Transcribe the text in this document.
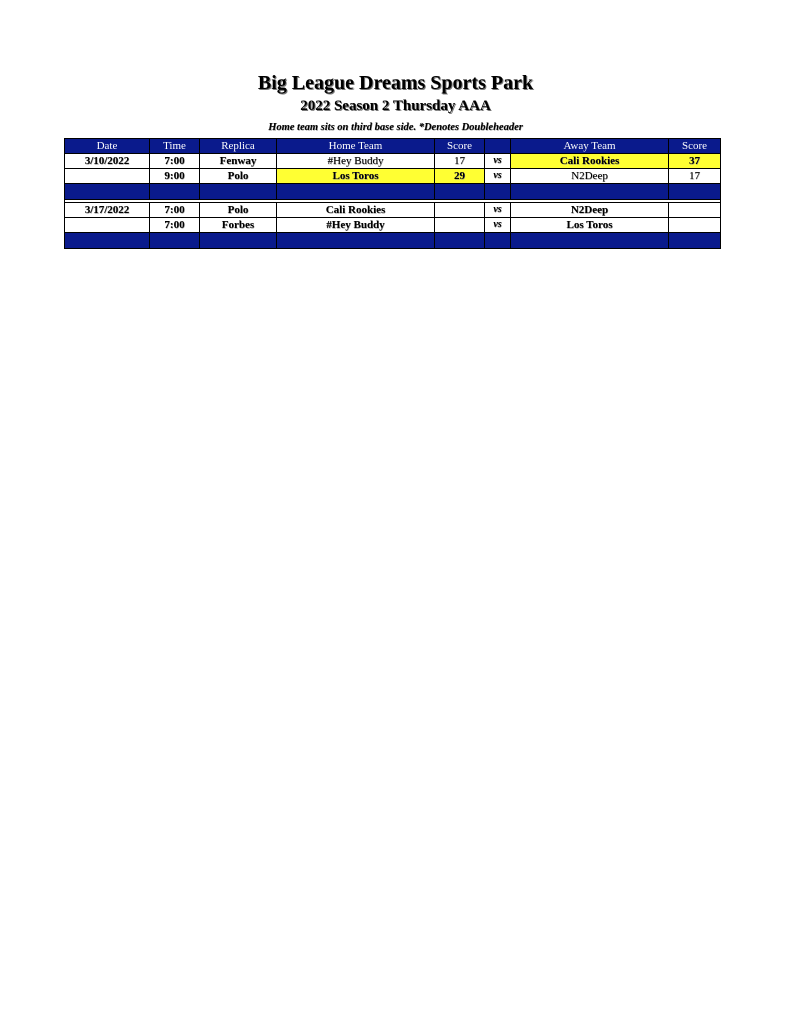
Big League Dreams Sports Park
2022 Season 2 Thursday AAA
Home team sits on third base side. *Denotes Doubleheader
Date	Time	Replica	Home Team	Score		Away Team	Score
3/10/2022	7:00	Fenway	#Hey Buddy	17	vs	Cali Rookies	37
	9:00	Polo	Los Toros	29	vs	N2Deep	17

3/17/2022	7:00	Polo	Cali Rookies		vs	N2Deep	
	7:00	Forbes	#Hey Buddy		vs	Los Toros	
